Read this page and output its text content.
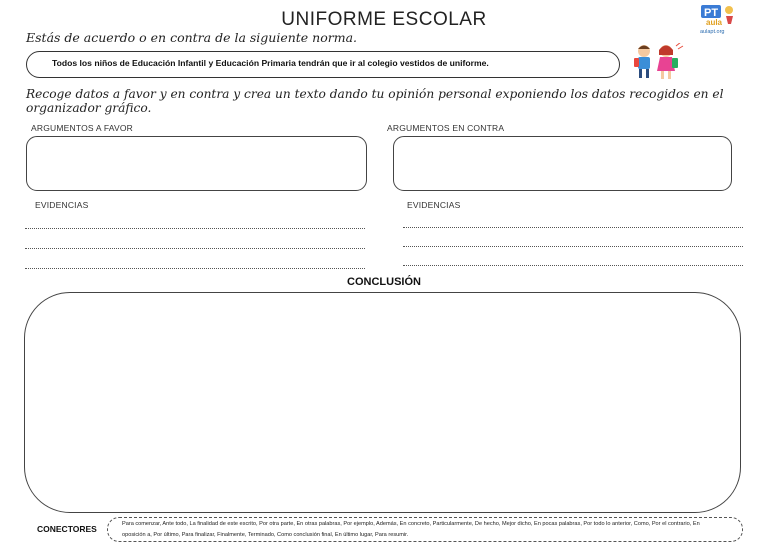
UNIFORME ESCOLAR	PT
aula
aulapt.org
Estás de acuerdo o en contra de la siguiente norma.
Todos los niños de Educación Infantil y Educación Primaria tendrán que ir al colegio vestidos de uniforme.
Recoge datos a favor y en contra y crea un texto dando tu opinión personal exponiendo los datos recogidos en el organizador gráfico.
ARGUMENTOS A FAVOR	ARGUMENTOS EN CONTRA
EVIDENCIAS	EVIDENCIAS
CONCLUSIÓN
CONECTORES	Para comenzar, Ante todo, La finalidad de este escrito, Por otra parte, En otras palabras, Por ejemplo, Además, En concreto, Particularmente, De hecho, Mejor dicho, En pocas palabras, Por todo lo anterior, Como, Por el contrario, En oposición a, Por último, Para finalizar, Finalmente, Terminado, Como conclusión final, En último lugar, Para resumir.
